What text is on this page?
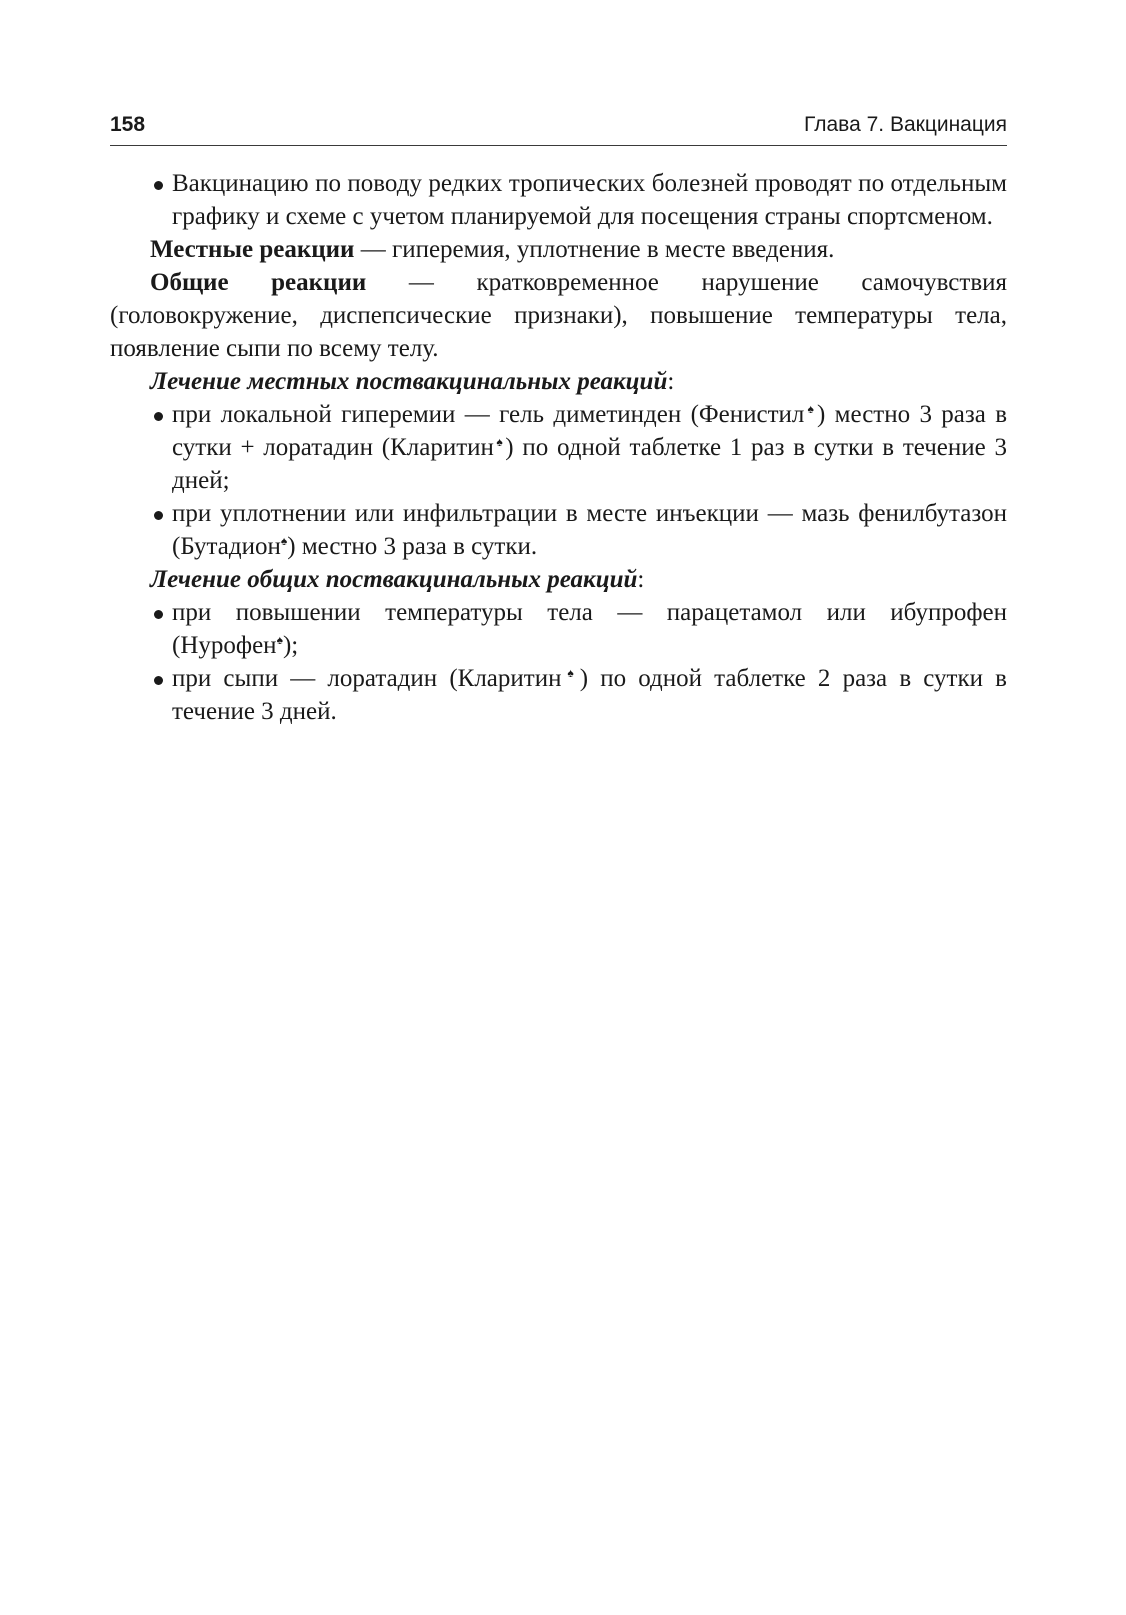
158	Глава 7. Вакцинация

Вакцинацию по поводу редких тропических болезней проводят по отдельным графику и схеме с учетом планируемой для посещения страны спортсменом.

Местные реакции — гиперемия, уплотнение в месте введения.

Общие реакции — кратковременное нарушение самочувствия (головокружение, диспепсические признаки), повышение температуры тела, появление сыпи по всему телу.

Лечение местных поствакцинальных реакций:

при локальной гиперемии — гель диметинден (Фенистил♠) местно 3 раза в сутки + лоратадин (Кларитин♠) по одной таблетке 1 раз в сутки в течение 3 дней;

при уплотнении или инфильтрации в месте инъекции — мазь фенилбутазон (Бутадион♠) местно 3 раза в сутки.

Лечение общих поствакцинальных реакций:

при повышении температуры тела — парацетамол или ибупрофен (Нурофен♠);

при сыпи — лоратадин (Кларитин♠) по одной таблетке 2 раза в сутки в течение 3 дней.
